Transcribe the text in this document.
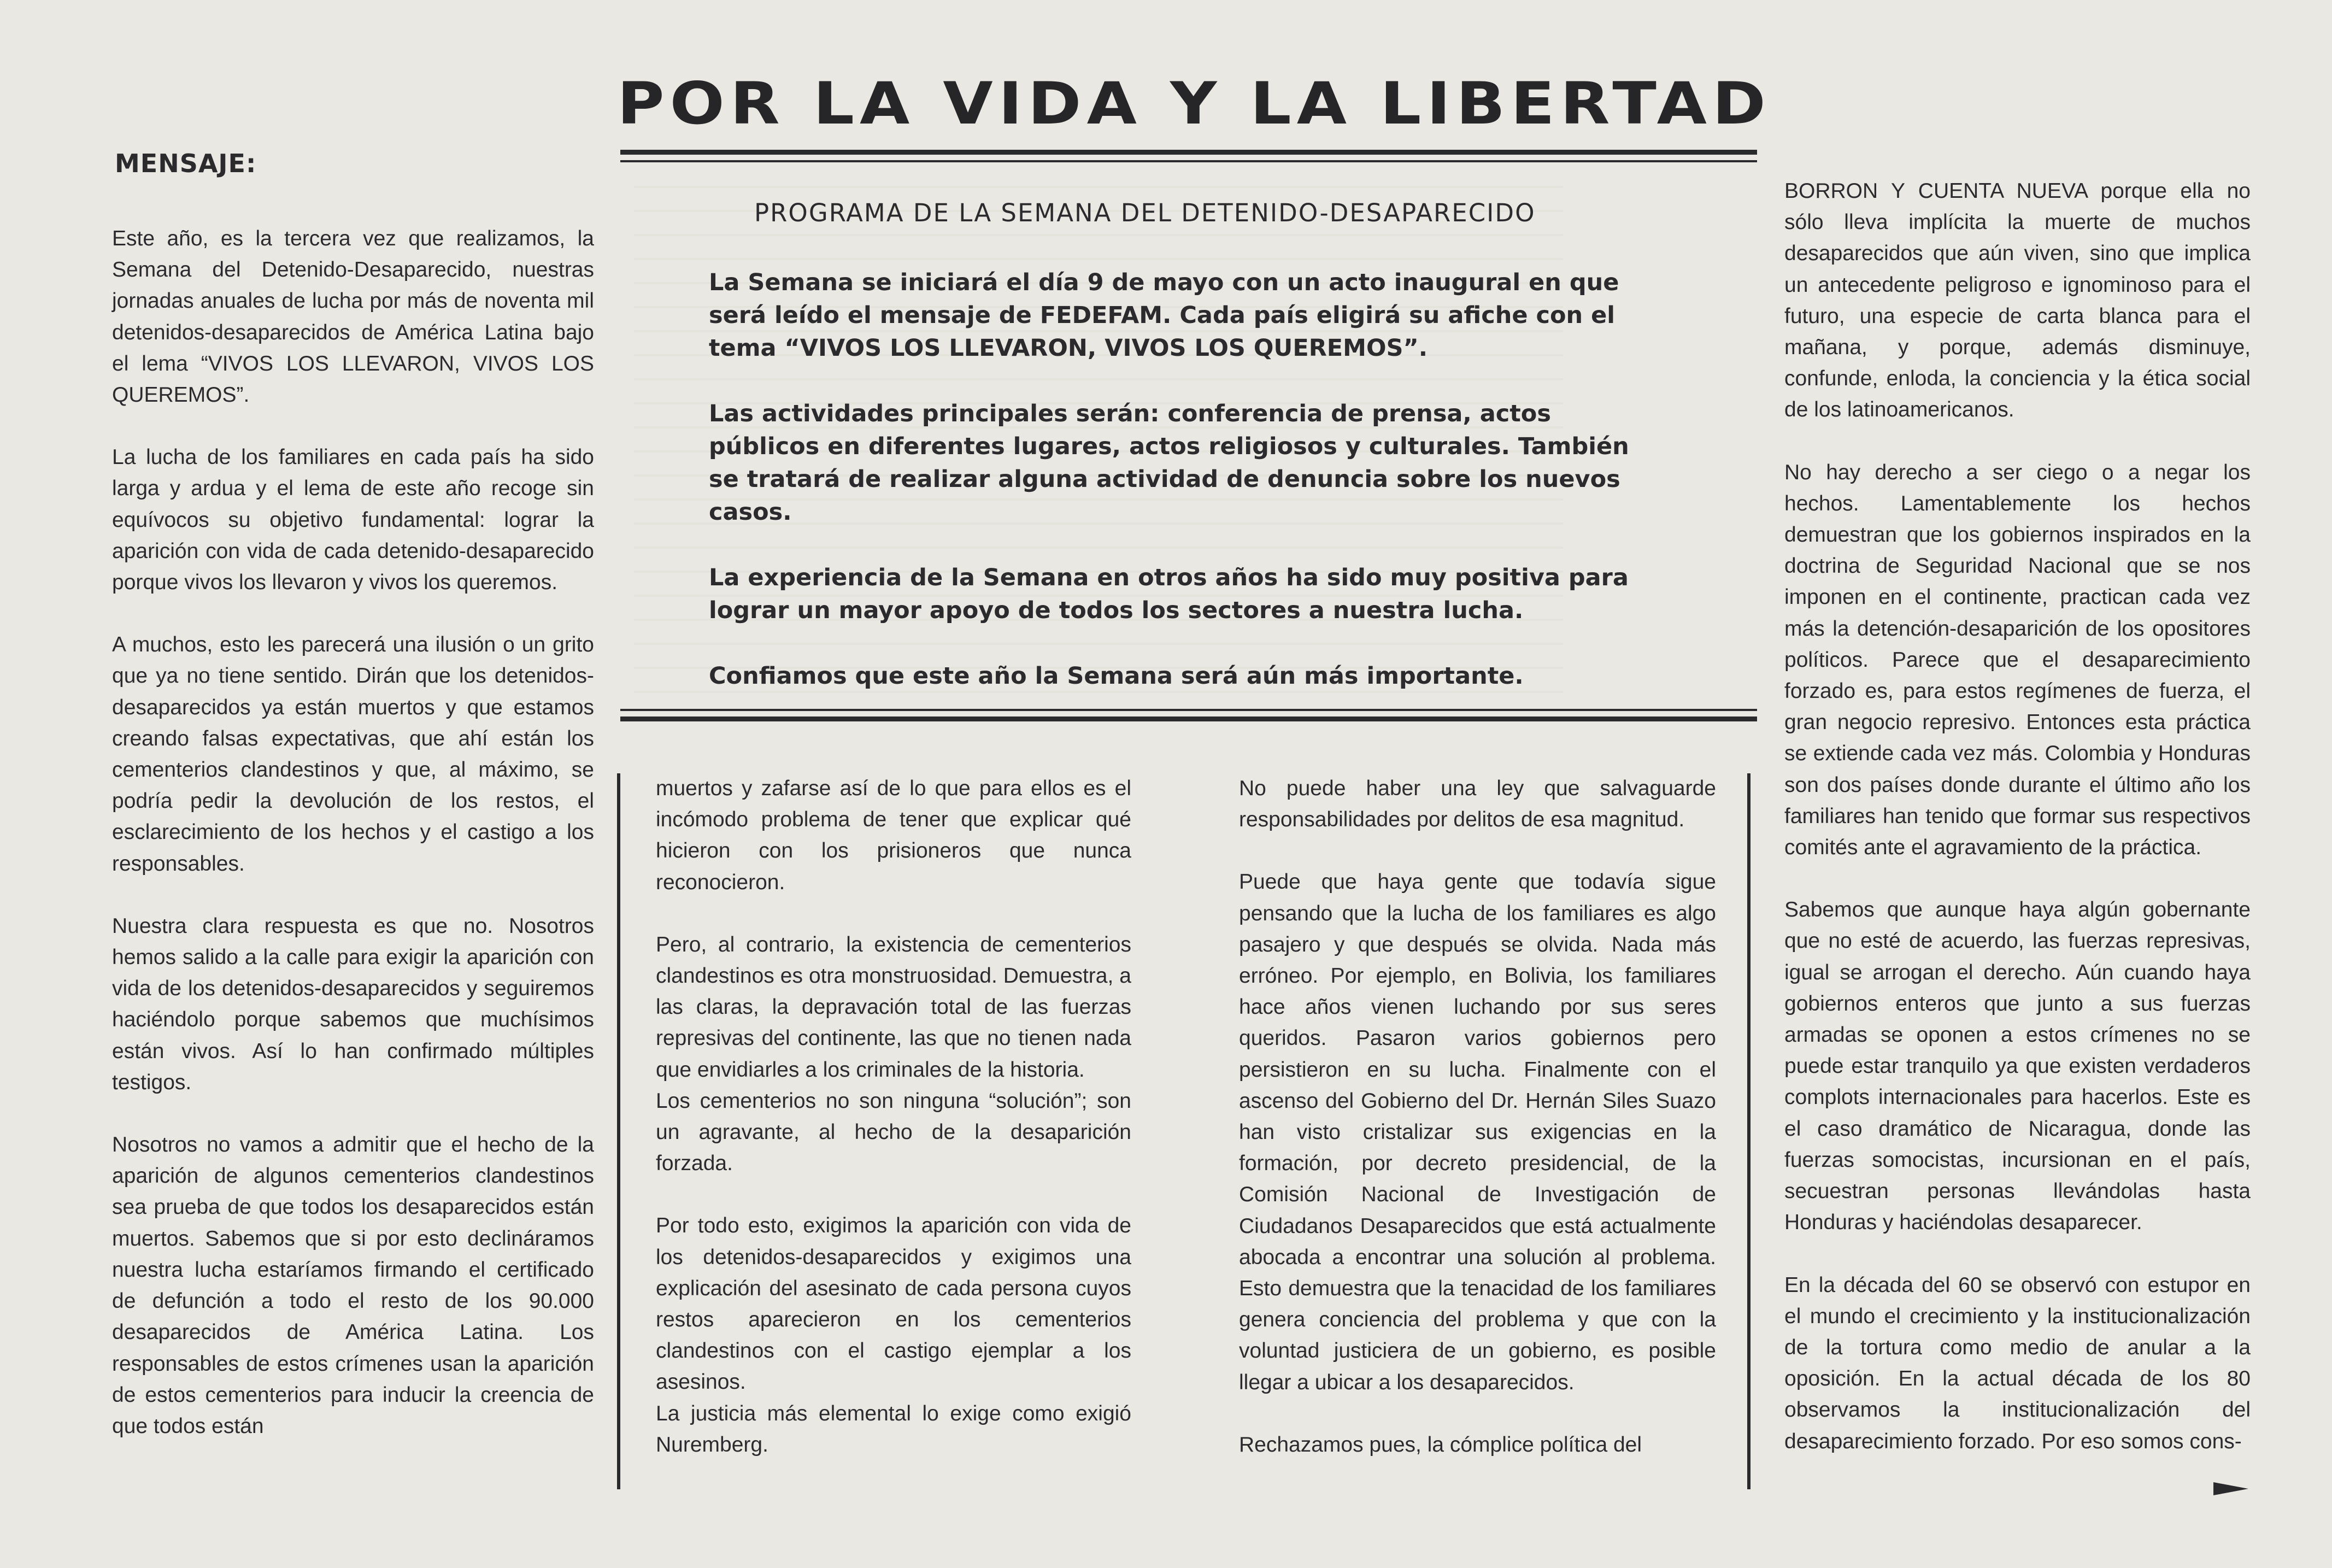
POR LA VIDA Y LA LIBERTAD
MENSAJE:

Este año, es la tercera vez que realizamos, la Semana del Detenido-Desaparecido, nuestras jornadas anuales de lucha por más de noventa mil detenidos-desaparecidos de América Latina bajo el lema “VIVOS LOS LLEVARON, VIVOS LOS QUEREMOS”.

La lucha de los familiares en cada país ha sido larga y ardua y el lema de este año recoge sin equívocos su objetivo fundamental: lograr la aparición con vida de cada detenido-desaparecido porque vivos los llevaron y vivos los queremos.

A muchos, esto les parecerá una ilusión o un grito que ya no tiene sentido. Dirán que los detenidos-desaparecidos ya están muertos y que estamos creando falsas expectativas, que ahí están los cementerios clandestinos y que, al máximo, se podría pedir la devolución de los restos, el esclarecimiento de los hechos y el castigo a los responsables.

Nuestra clara respuesta es que no. Nosotros hemos salido a la calle para exigir la aparición con vida de los detenidos-desaparecidos y seguiremos haciéndolo porque sabemos que muchísimos están vivos. Así lo han confirmado múltiples testigos.

Nosotros no vamos a admitir que el hecho de la aparición de algunos cementerios clandestinos sea prueba de que todos los desaparecidos están muertos. Sabemos que si por esto declináramos nuestra lucha estaríamos firmando el certificado de defunción a todo el resto de los 90.000 desaparecidos de América Latina. Los responsables de estos crímenes usan la aparición de estos cementerios para inducir la creencia de que todos están

PROGRAMA DE LA SEMANA DEL DETENIDO-DESAPARECIDO

La Semana se iniciará el día 9 de mayo con un acto inaugural en que será leído el mensaje de FEDEFAM. Cada país eligirá su afiche con el tema “VIVOS LOS LLEVARON, VIVOS LOS QUEREMOS”.

Las actividades principales serán: conferencia de prensa, actos públicos en diferentes lugares, actos religiosos y culturales. También se tratará de realizar alguna actividad de denuncia sobre los nuevos casos.

La experiencia de la Semana en otros años ha sido muy positiva para lograr un mayor apoyo de todos los sectores a nuestra lucha.

Confiamos que este año la Semana será aún más importante.

muertos y zafarse así de lo que para ellos es el incómodo problema de tener que explicar qué hicieron con los prisioneros que nunca reconocieron.

Pero, al contrario, la existencia de cementerios clandestinos es otra monstruosidad. Demuestra, a las claras, la depravación total de las fuerzas represivas del continente, las que no tienen nada que envidiarles a los criminales de la historia.

Los cementerios no son ninguna “solución”; son un agravante, al hecho de la desaparición forzada.

Por todo esto, exigimos la aparición con vida de los detenidos-desaparecidos y exigimos una explicación del asesinato de cada persona cuyos restos aparecieron en los cementerios clandestinos con el castigo ejemplar a los asesinos.

La justicia más elemental lo exige como exigió Nuremberg.

No puede haber una ley que salvaguarde responsabilidades por delitos de esa magnitud.

Puede que haya gente que todavía sigue pensando que la lucha de los familiares es algo pasajero y que después se olvida. Nada más erróneo. Por ejemplo, en Bolivia, los familiares hace años vienen luchando por sus seres queridos. Pasaron varios gobiernos pero persistieron en su lucha. Finalmente con el ascenso del Gobierno del Dr. Hernán Siles Suazo han visto cristalizar sus exigencias en la formación, por decreto presidencial, de la Comisión Nacional de Investigación de Ciudadanos Desaparecidos que está actualmente abocada a encontrar una solución al problema. Esto demuestra que la tenacidad de los familiares genera conciencia del problema y que con la voluntad justiciera de un gobierno, es posible llegar a ubicar a los desaparecidos.

Rechazamos pues, la cómplice política del

BORRON Y CUENTA NUEVA porque ella no sólo lleva implícita la muerte de muchos desaparecidos que aún viven, sino que implica un antecedente peligroso e ignominoso para el futuro, una especie de carta blanca para el mañana, y porque, además disminuye, confunde, enloda, la conciencia y la ética social de los latinoamericanos.

No hay derecho a ser ciego o a negar los hechos. Lamentablemente los hechos demuestran que los gobiernos inspirados en la doctrina de Seguridad Nacional que se nos imponen en el continente, practican cada vez más la detención-desaparición de los opositores políticos. Parece que el desaparecimiento forzado es, para estos regímenes de fuerza, el gran negocio represivo. Entonces esta práctica se extiende cada vez más. Colombia y Honduras son dos países donde durante el último año los familiares han tenido que formar sus respectivos comités ante el agravamiento de la práctica.

Sabemos que aunque haya algún gobernante que no esté de acuerdo, las fuerzas represivas, igual se arrogan el derecho. Aún cuando haya gobiernos enteros que junto a sus fuerzas armadas se oponen a estos crímenes no se puede estar tranquilo ya que existen verdaderos complots internacionales para hacerlos. Este es el caso dramático de Nicaragua, donde las fuerzas somocistas, incursionan en el país, secuestran personas llevándolas hasta Honduras y haciéndolas desaparecer.

En la década del 60 se observó con estupor en el mundo el crecimiento y la institucionalización de la tortura como medio de anular a la oposición. En la actual década de los 80 observamos la institucionalización del desaparecimiento forzado. Por eso somos cons-
